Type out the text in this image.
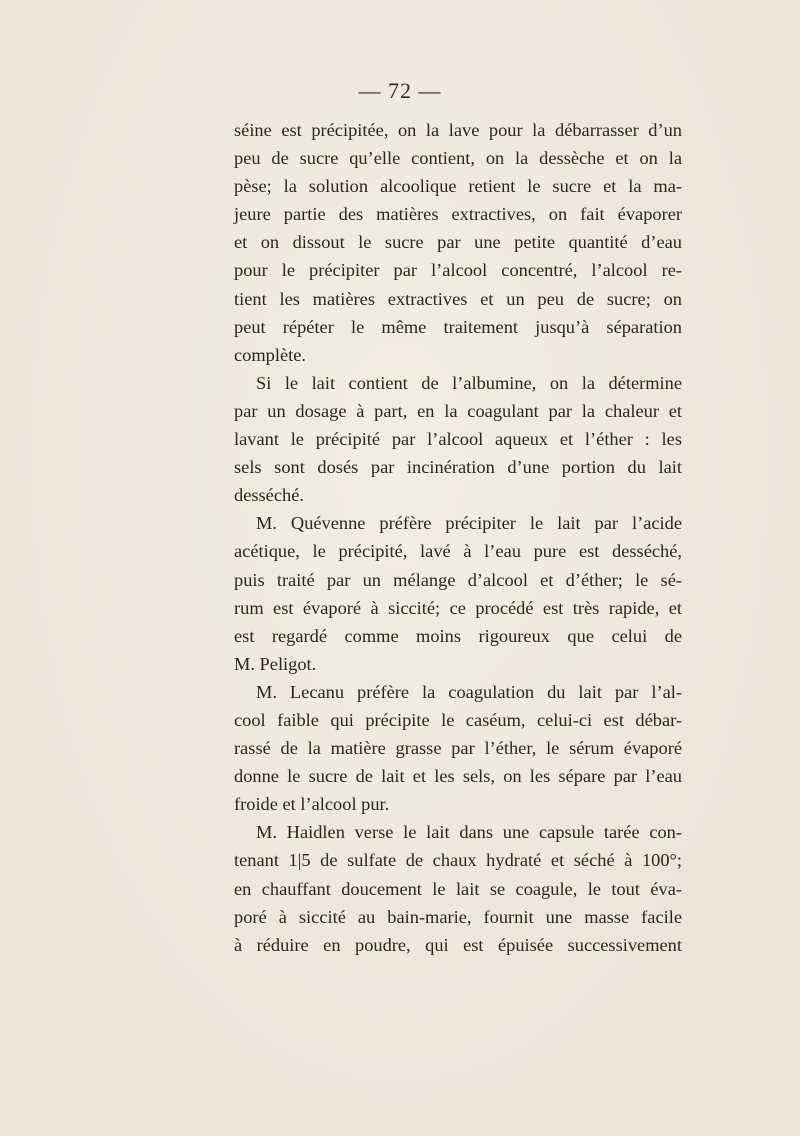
— 72 —
séine est précipitée, on la lave pour la débarrasser d’un
peu de sucre qu’elle contient, on la dessèche et on la
pèse; la solution alcoolique retient le sucre et la ma-
jeure partie des matières extractives, on fait évaporer
et on dissout le sucre par une petite quantité d’eau
pour le précipiter par l’alcool concentré, l’alcool re-
tient les matières extractives et un peu de sucre; on
peut répéter le même traitement jusqu’à séparation
complète.
Si le lait contient de l’albumine, on la détermine
par un dosage à part, en la coagulant par la chaleur et
lavant le précipité par l’alcool aqueux et l’éther : les
sels sont dosés par incinération d’une portion du lait
desséché.
M. Quévenne préfère précipiter le lait par l’acide
acétique, le précipité, lavé à l’eau pure est desséché,
puis traité par un mélange d’alcool et d’éther; le sé-
rum est évaporé à siccité; ce procédé est très rapide, et
est regardé comme moins rigoureux que celui de
M. Peligot.
M. Lecanu préfère la coagulation du lait par l’al-
cool faible qui précipite le caséum, celui-ci est débar-
rassé de la matière grasse par l’éther, le sérum évaporé
donne le sucre de lait et les sels, on les sépare par l’eau
froide et l’alcool pur.
M. Haidlen verse le lait dans une capsule tarée con-
tenant 1|5 de sulfate de chaux hydraté et séché à 100°;
en chauffant doucement le lait se coagule, le tout éva-
poré à siccité au bain-marie, fournit une masse facile
à réduire en poudre, qui est épuisée successivement
